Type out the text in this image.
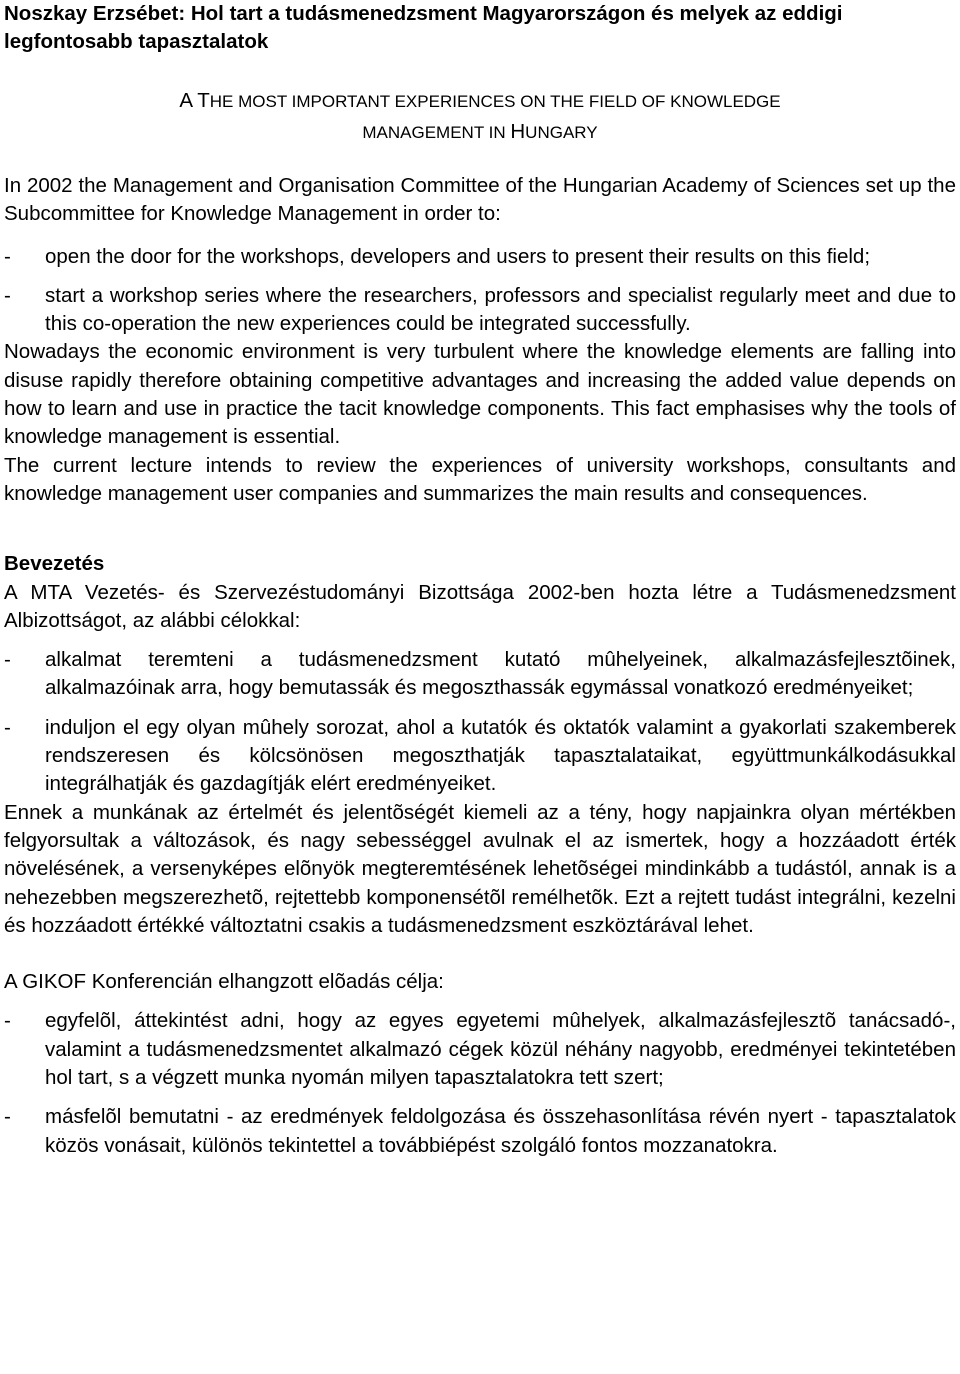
Noszkay Erzsébet: Hol tart a tudásmenedzsment Magyarországon és melyek az eddigi legfontosabb tapasztalatok
A THE MOST IMPORTANT EXPERIENCES ON THE FIELD OF KNOWLEDGE
MANAGEMENT IN HUNGARY

In 2002 the Management and Organisation Committee of the Hungarian Academy of Sciences set up the Subcommittee for Knowledge Management in order to:

-	open the door for the workshops, developers and users to present their results on this field;
-	start a workshop series where the researchers, professors and specialist regularly meet and due to this co-operation the new experiences could be integrated successfully.

Nowadays the economic environment is very turbulent where the knowledge elements are falling into disuse rapidly therefore obtaining competitive advantages and increasing the added value depends on how to learn and use in practice the tacit knowledge components. This fact emphasises why the tools of knowledge management is essential.

The current lecture intends to review the experiences of university workshops, consultants and knowledge management user companies and summarizes the main results and consequences.

Bevezetés

A MTA Vezetés- és Szervezéstudományi Bizottsága 2002-ben hozta létre a Tudásmenedzsment Albizottságot, az alábbi célokkal:

-	alkalmat teremteni a tudásmenedzsment kutató mûhelyeinek, alkalmazásfejlesztõinek, alkalmazóinak arra, hogy bemutassák és megoszthassák egymással vonatkozó eredményeiket;
-	induljon el egy olyan mûhely sorozat, ahol a kutatók és oktatók valamint a gyakorlati szakemberek rendszeresen és kölcsönösen megoszthatják tapasztalataikat, együttmunkálkodásukkal integrálhatják és gazdagítják elért eredményeiket.

Ennek a munkának az értelmét és jelentõségét kiemeli az a tény, hogy napjainkra olyan mértékben felgyorsultak a változások, és nagy sebességgel avulnak el az ismertek, hogy a hozzáadott érték növelésének, a versenyképes elõnyök megteremtésének lehetõségei mindinkább a tudástól, annak is a nehezebben megszerezhetõ, rejtettebb komponensétõl remélhetõk. Ezt a rejtett tudást integrálni, kezelni és hozzáadott értékké változtatni csakis a tudásmenedzsment eszköztárával lehet.

A GIKOF Konferencián elhangzott elõadás célja:

-	egyfelõl, áttekintést adni, hogy az egyes egyetemi mûhelyek, alkalmazásfejlesztõ tanácsadó-, valamint a tudásmenedzsmentet alkalmazó cégek közül néhány nagyobb, eredményei tekintetében hol tart, s a végzett munka nyomán milyen tapasztalatokra tett szert;
-	másfelõl bemutatni - az eredmények feldolgozása és összehasonlítása révén nyert - tapasztalatok közös vonásait, különös tekintettel a továbbiépést szolgáló fontos mozzanatokra.
